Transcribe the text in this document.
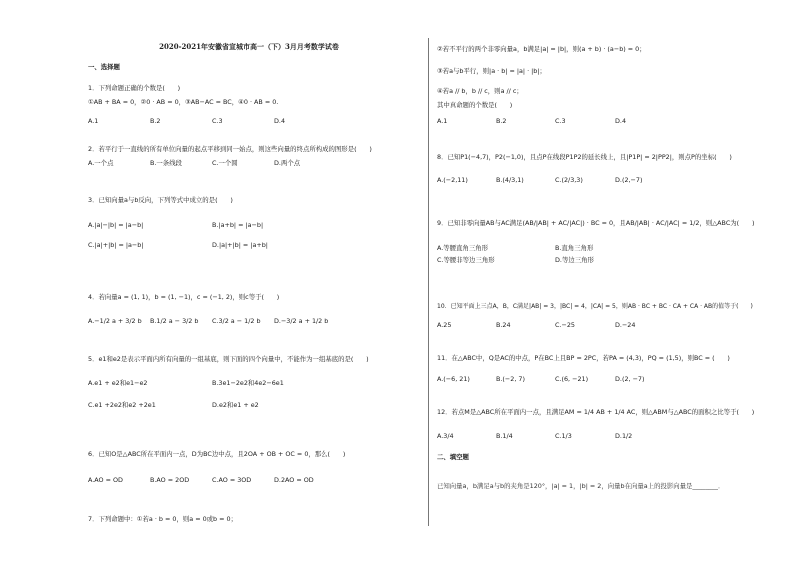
2020-2021年安徽省宣城市高一（下）3月月考数学试卷
一、选择题
1．下列命题正确的个数是(　　)
①AB + BA = 0，②0 · AB = 0，③AB−AC = BC，④0 · AB = 0.
A.1	B.2	C.3	D.4
2．若平行于一直线的所有单位向量的起点平移到同一始点，则这些向量的终点所构成的图形是(　　)
A.一个点	B.一条线段	C.一个圆	D.两个点
3．已知向量a与b反向，下列等式中成立的是(　　)
A.|a|−|b| = |a−b|	B.|a+b| = |a−b|
C.|a|+|b| = |a−b|	D.|a|+|b| = |a+b|
4．若向量a = (1, 1)，b = (1, −1)，c = (−1, 2)，则c等于(　　)
A.−1/2 a + 3/2 b B.1/2 a − 3/2 b C.3/2 a − 1/2 b D.−3/2 a + 1/2 b
5．e1和e2是表示平面内所有向量的一组基底，则下面的四个向量中，不能作为一组基底的是(　　)
A.e1 + e2和e1−e2	B.3e1−2e2和4e2−6e1
C.e1 +2e2和e2 +2e1	D.e2和e1 + e2
6．已知O是△ABC所在平面内一点，D为BC边中点，且2OA + OB + OC = 0，那么(　　)
A.AO = OD	B.AO = 2OD	C.AO = 3OD	D.2AO = OD
7．下列命题中：①若a · b = 0，则a = 0或b = 0；
②若不平行的两个非零向量a，b满足|a| = |b|，则(a + b) · (a−b) = 0；
③若a与b平行，则|a · b| = |a| · |b|；
④若a // b，b // c，则a // c；
其中真命题的个数是(　　)
A.1	B.2	C.3	D.4
8．已知P1(−4,7)，P2(−1,0)，且点P在线段P1P2的延长线上，且|P1P| = 2|PP2|，则点P的坐标(　　)
A.(−2,11)	B.(4/3,1)	C.(2/3,3)	D.(2,−7)
9．已知非零向量AB与AC满足(AB/|AB| + AC/|AC|) · BC = 0，且AB/|AB| · AC/|AC| = 1/2，则△ABC为(　　)
A.等腰直角三角形	B.直角三角形
C.等腰非等边三角形	D.等边三角形
10．已知平面上三点A，B，C满足|AB| = 3，|BC| = 4，|CA| = 5，则AB · BC + BC · CA + CA · AB的值等于(　　)
A.25	B.24	C.−25	D.−24
11．在△ABC中，Q是AC的中点，P在BC上且BP = 2PC，若PA = (4,3)，PQ = (1,5)，则BC = (　　)
A.(−6, 21)	B.(−2, 7)	C.(6, −21)	D.(2, −7)
12．若点M是△ABC所在平面内一点，且满足AM = 1/4 AB + 1/4 AC，则△ABM与△ABC的面积之比等于(　　)
A.3/4	B.1/4	C.1/3	D.1/2
二、填空题
已知向量a，b满足a与b的夹角是120°，|a| = 1，|b| = 2，向量b在向量a上的投影向量是________．
